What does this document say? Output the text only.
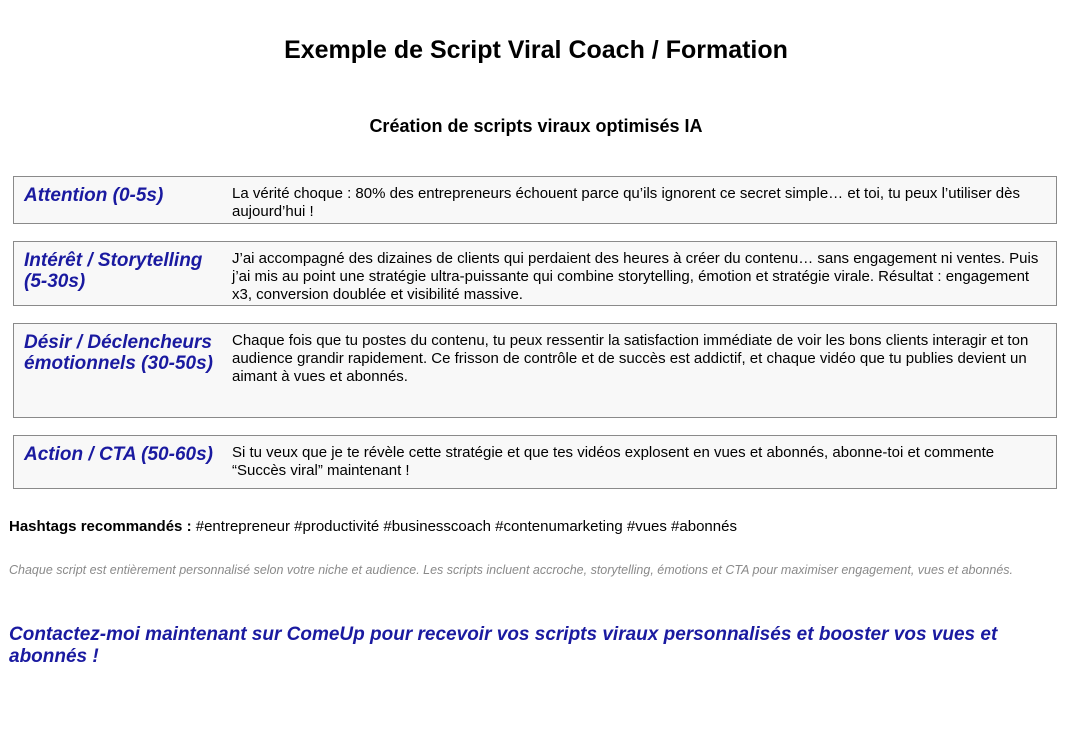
Exemple de Script Viral Coach / Formation
Création de scripts viraux optimisés IA
Attention (0-5s)	La vérité choque : 80% des entrepreneurs échouent parce qu’ils ignorent ce secret simple… et toi, tu peux l’utiliser dès aujourd’hui !
Intérêt / Storytelling (5-30s)
J’ai accompagné des dizaines de clients qui perdaient des heures à créer du contenu… sans engagement ni ventes. Puis j’ai mis au point une stratégie ultra-puissante qui combine storytelling, émotion et stratégie virale. Résultat : engagement x3, conversion doublée et visibilité massive.
Désir / Déclencheurs émotionnels (30-50s)
Chaque fois que tu postes du contenu, tu peux ressentir la satisfaction immédiate de voir les bons clients interagir et ton audience grandir rapidement. Ce frisson de contrôle et de succès est addictif, et chaque vidéo que tu publies devient un aimant à vues et abonnés.
Action / CTA (50-60s)	Si tu veux que je te révèle cette stratégie et que tes vidéos explosent en vues et abonnés, abonne-toi et commente “Succès viral” maintenant !
Hashtags recommandés : #entrepreneur #productivité #businesscoach #contenumarketing #vues #abonnés
Chaque script est entièrement personnalisé selon votre niche et audience. Les scripts incluent accroche, storytelling, émotions et CTA pour maximiser engagement, vues et abonnés.
Contactez-moi maintenant sur ComeUp pour recevoir vos scripts viraux personnalisés et booster vos vues et abonnés !
